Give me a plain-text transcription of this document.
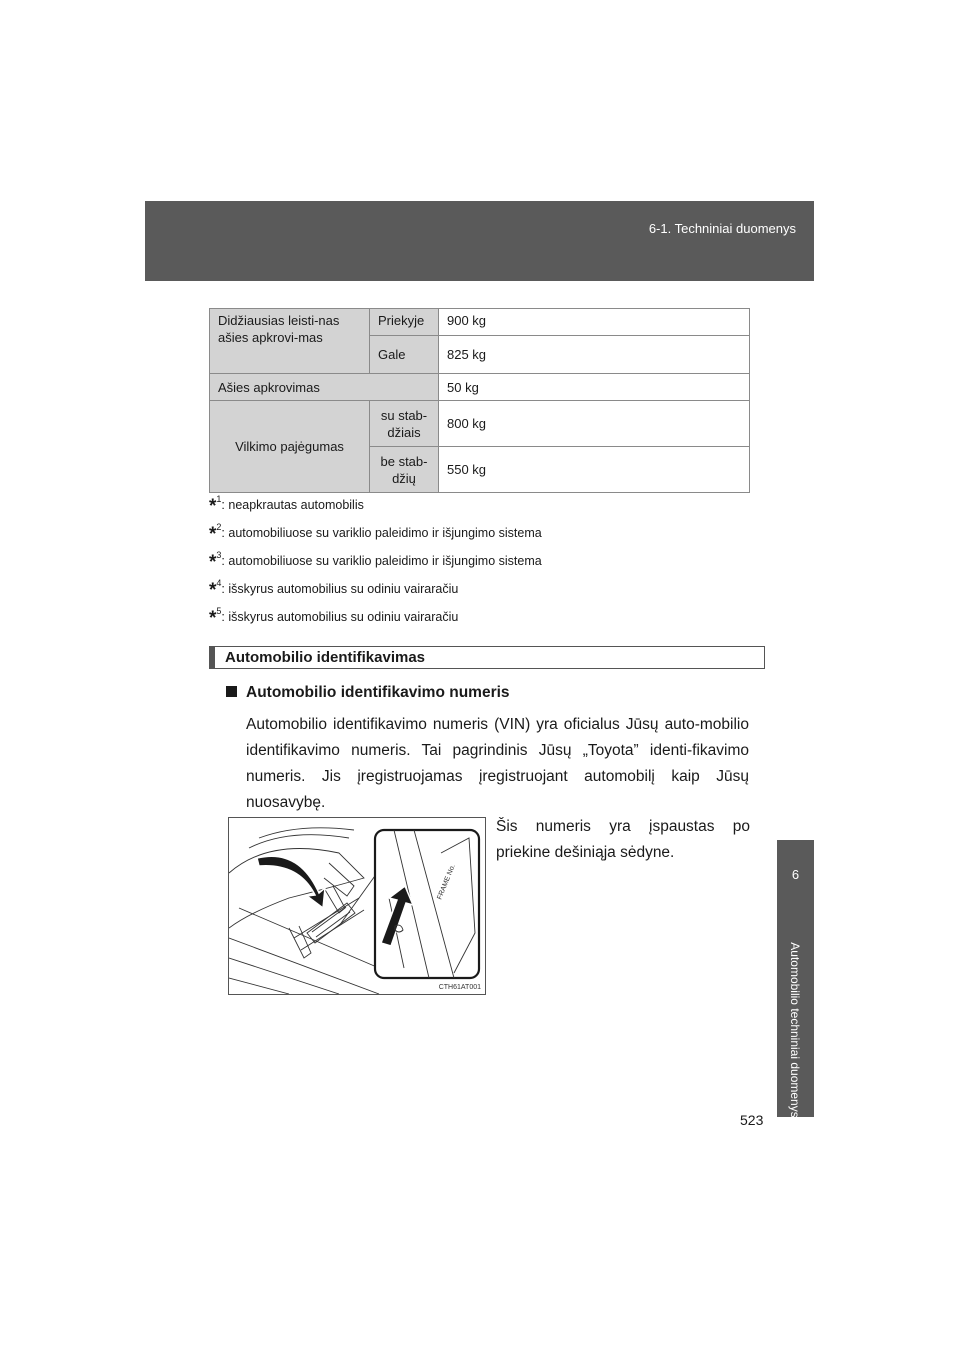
6-1. Techniniai duomenys
6
Automobilio techniniai duomenys
Didžiausias leisti-nas ašies apkrovi-mas	Priekyje	900 kg
	Gale	825 kg
Ašies apkrovimas		50 kg
Vilkimo pajėgumas	su stab-džiais	800 kg
	be stab-džių	550 kg
*$^1$: neapkrautas automobilis
*$^2$: automobiliuose su variklio paleidimo ir išjungimo sistema
*$^3$: automobiliuose su variklio paleidimo ir išjungimo sistema
*$^4$: išskyrus automobilius su odiniu vairaračiu
*$^5$: išskyrus automobilius su odiniu vairaračiu
Automobilio identifikavimas
Automobilio identifikavimo numeris
Automobilio identifikavimo numeris (VIN) yra oficialus Jūsų auto-mobilio identifikavimo numeris. Tai pagrindinis Jūsų „Toyota” identi-fikavimo numeris. Jis įregistruojamas įregistruojant automobilį kaip Jūsų nuosavybę.
Šis numeris yra įspaustas po priekine dešiniąja sėdyne.
FRAME No.
CTH61AT001
523
